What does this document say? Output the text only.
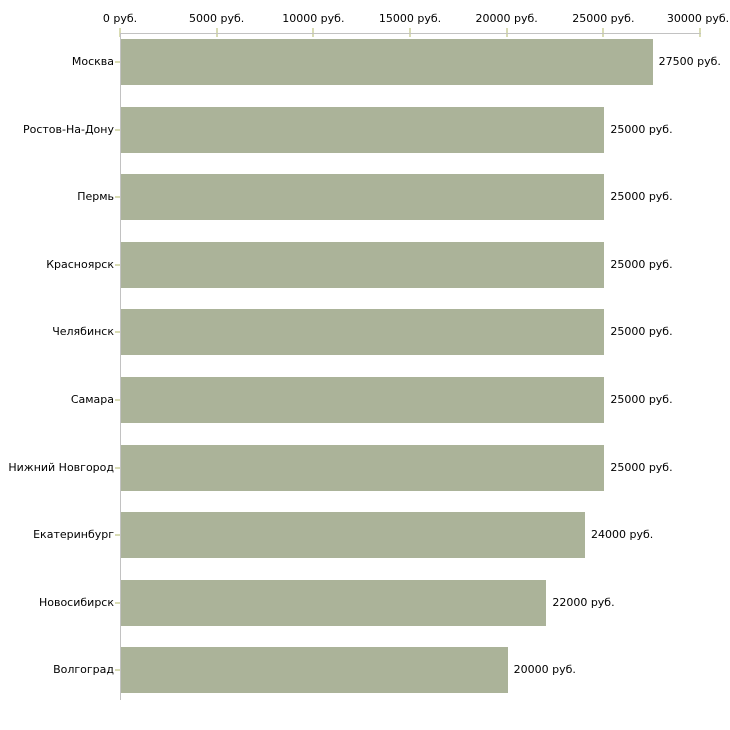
0 руб.	5000 руб.	10000 руб.	15000 руб.	20000 руб.	25000 руб.	30000 руб.
Москва	27500 руб.
Ростов-На-Дону	25000 руб.
Пермь	25000 руб.
Красноярск	25000 руб.
Челябинск	25000 руб.
Самара	25000 руб.
Нижний Новгород	25000 руб.
Екатеринбург	24000 руб.
Новосибирск	22000 руб.
Волгоград	20000 руб.
